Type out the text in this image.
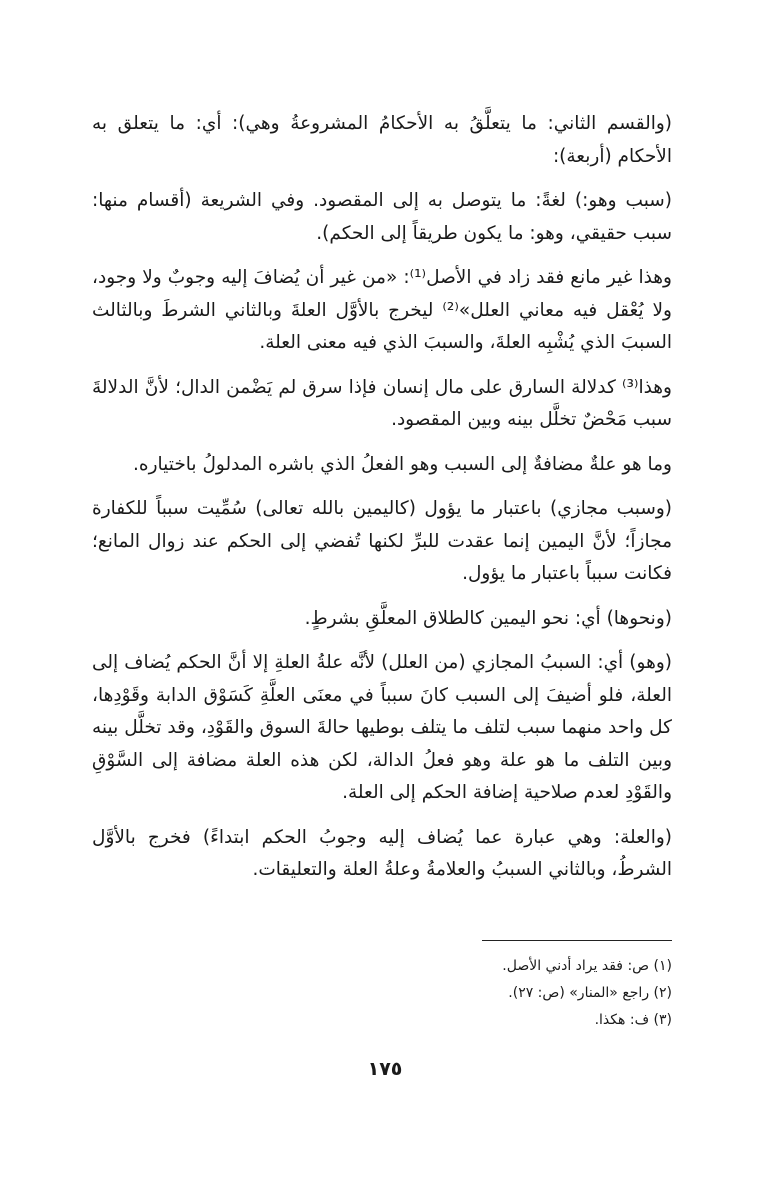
(والقسم الثاني: ما يتعلَّقُ به الأحكامُ المشروعةُ وهي): أي: ما يتعلق به الأحكام (أربعة):

(سبب وهو:) لغةً: ما يتوصل به إلى المقصود. وفي الشريعة (أقسام منها: سبب حقيقي، وهو: ما يكون طريقاً إلى الحكم).

وهذا غير مانع فقد زاد في الأصل⁽¹⁾: «من غير أن يُضافَ إليه وجوبٌ ولا وجود، ولا يُعْقل فيه معاني العلل»⁽²⁾ ليخرج بالأوَّل العلةَ وبالثاني الشرطَ وبالثالث السببَ الذي يُشْبِه العلةَ، والسببَ الذي فيه معنى العلة.

وهذا⁽³⁾ كدلالة السارق على مال إنسان فإذا سرق لم يَضْمن الدال؛ لأنَّ الدلالةَ سبب مَحْضٌ تخلَّل بينه وبين المقصود.

وما هو علةٌ مضافةٌ إلى السبب وهو الفعلُ الذي باشره المدلولُ باختياره.

(وسبب مجازي) باعتبار ما يؤول (كاليمين بالله تعالى) سُمِّيت سبباً للكفارة مجازاً؛ لأنَّ اليمين إنما عقدت للبرِّ لكنها تُفضي إلى الحكم عند زوال المانع؛ فكانت سبباً باعتبار ما يؤول.

(ونحوها) أي: نحو اليمين كالطلاق المعلَّقِ بشرطٍ.

(وهو) أي: السببُ المجازي (من العلل) لأنَّه علةُ العلةِ إلا أنَّ الحكم يُضاف إلى العلة، فلو أضيفَ إلى السبب كانَ سبباً في معنَى العلَّةِ كَسَوْق الدابة وقَوْدِها، كل واحد منهما سبب لتلف ما يتلف بوطيها حالةَ السوق والقَوْدِ، وقد تخلَّل بينه وبين التلف ما هو علة وهو فعلُ الدالة، لكن هذه العلة مضافة إلى السَّوْقِ والقَوْدِ لعدم صلاحية إضافة الحكم إلى العلة.

(والعلة: وهي عبارة عما يُضاف إليه وجوبُ الحكم ابتداءً) فخرج بالأوَّل الشرطُ، وبالثاني السببُ والعلامةُ وعلةُ العلة والتعليقات.

(١) ص: فقد يراد أدني الأصل.

(٢) راجع «المنار» (ص: ٢٧).

(٣) ف: هكذا.

١٧٥
